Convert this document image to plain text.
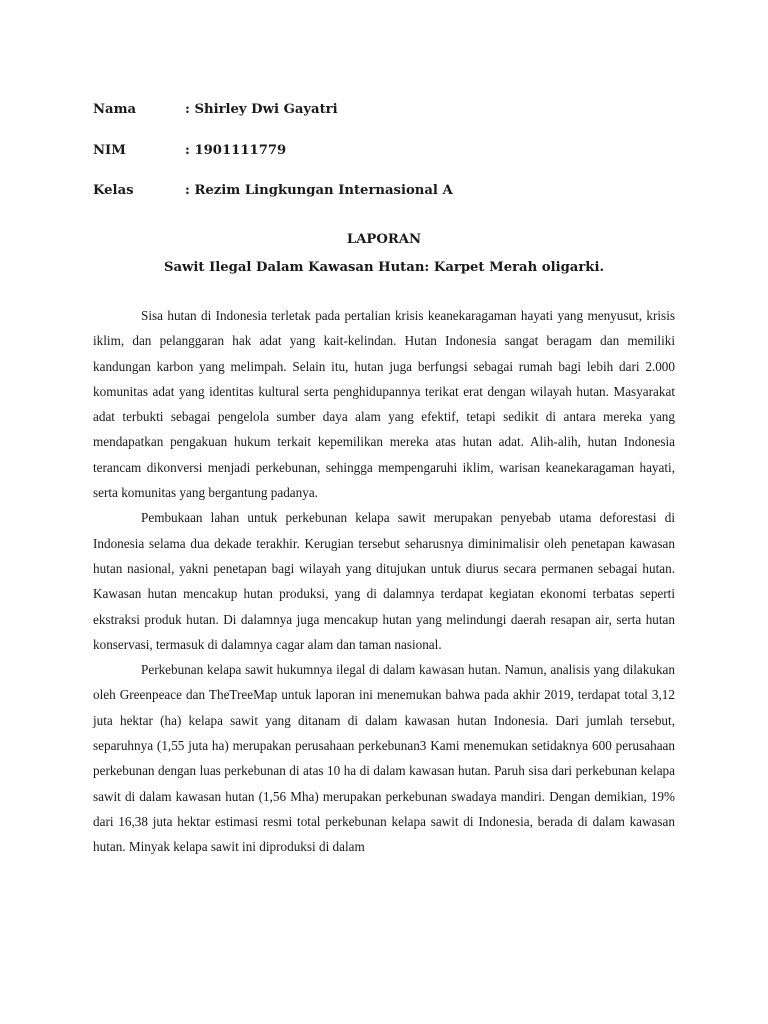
Nama	: Shirley Dwi Gayatri
NIM	: 1901111779
Kelas	: Rezim Lingkungan Internasional A
LAPORAN
Sawit Ilegal Dalam Kawasan Hutan: Karpet Merah oligarki.

Sisa hutan di Indonesia terletak pada pertalian krisis keanekaragaman hayati yang menyusut, krisis iklim, dan pelanggaran hak adat yang kait-kelindan. Hutan Indonesia sangat beragam dan memiliki kandungan karbon yang melimpah. Selain itu, hutan juga berfungsi sebagai rumah bagi lebih dari 2.000 komunitas adat yang identitas kultural serta penghidupannya terikat erat dengan wilayah hutan. Masyarakat adat terbukti sebagai pengelola sumber daya alam yang efektif, tetapi sedikit di antara mereka yang mendapatkan pengakuan hukum terkait kepemilikan mereka atas hutan adat. Alih-alih, hutan Indonesia terancam dikonversi menjadi perkebunan, sehingga mempengaruhi iklim, warisan keanekaragaman hayati, serta komunitas yang bergantung padanya.

Pembukaan lahan untuk perkebunan kelapa sawit merupakan penyebab utama deforestasi di Indonesia selama dua dekade terakhir. Kerugian tersebut seharusnya diminimalisir oleh penetapan kawasan hutan nasional, yakni penetapan bagi wilayah yang ditujukan untuk diurus secara permanen sebagai hutan. Kawasan hutan mencakup hutan produksi, yang di dalamnya terdapat kegiatan ekonomi terbatas seperti ekstraksi produk hutan. Di dalamnya juga mencakup hutan yang melindungi daerah resapan air, serta hutan konservasi, termasuk di dalamnya cagar alam dan taman nasional.

Perkebunan kelapa sawit hukumnya ilegal di dalam kawasan hutan. Namun, analisis yang dilakukan oleh Greenpeace dan TheTreeMap untuk laporan ini menemukan bahwa pada akhir 2019, terdapat total 3,12 juta hektar (ha) kelapa sawit yang ditanam di dalam kawasan hutan Indonesia. Dari jumlah tersebut, separuhnya (1,55 juta ha) merupakan perusahaan perkebunan3 Kami menemukan setidaknya 600 perusahaan perkebunan dengan luas perkebunan di atas 10 ha di dalam kawasan hutan. Paruh sisa dari perkebunan kelapa sawit di dalam kawasan hutan (1,56 Mha) merupakan perkebunan swadaya mandiri. Dengan demikian, 19% dari 16,38 juta hektar estimasi resmi total perkebunan kelapa sawit di Indonesia, berada di dalam kawasan hutan. Minyak kelapa sawit ini diproduksi di dalam
